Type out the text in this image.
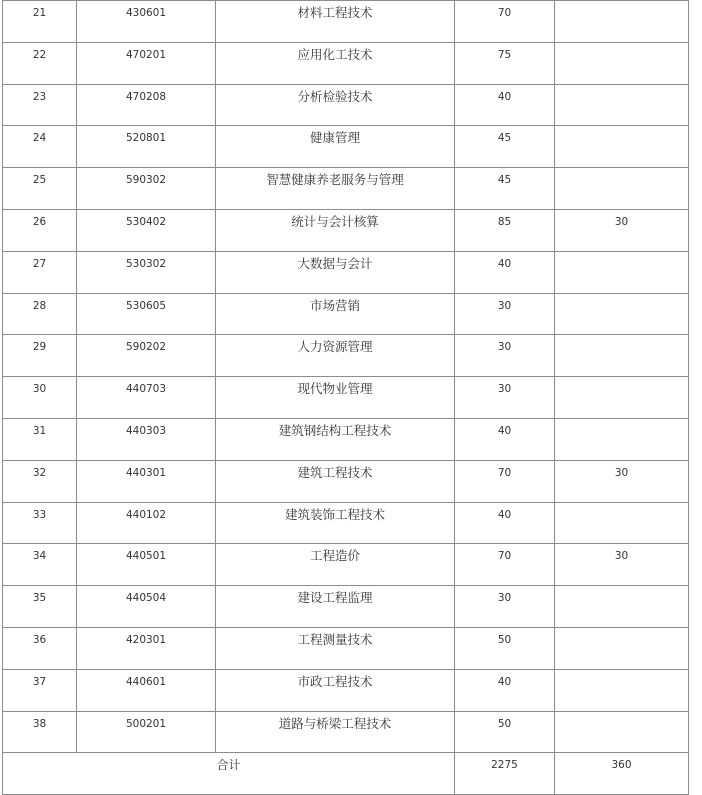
21	430601	材料工程技术	70	
22	470201	应用化工技术	75	
23	470208	分析检验技术	40	
24	520801	健康管理	45	
25	590302	智慧健康养老服务与管理	45	
26	530402	统计与会计核算	85	30
27	530302	大数据与会计	40	
28	530605	市场营销	30	
29	590202	人力资源管理	30	
30	440703	现代物业管理	30	
31	440303	建筑钢结构工程技术	40	
32	440301	建筑工程技术	70	30
33	440102	建筑装饰工程技术	40	
34	440501	工程造价	70	30
35	440504	建设工程监理	30	
36	420301	工程测量技术	50	
37	440601	市政工程技术	40	
38	500201	道路与桥梁工程技术	50	
合计			2275	360
